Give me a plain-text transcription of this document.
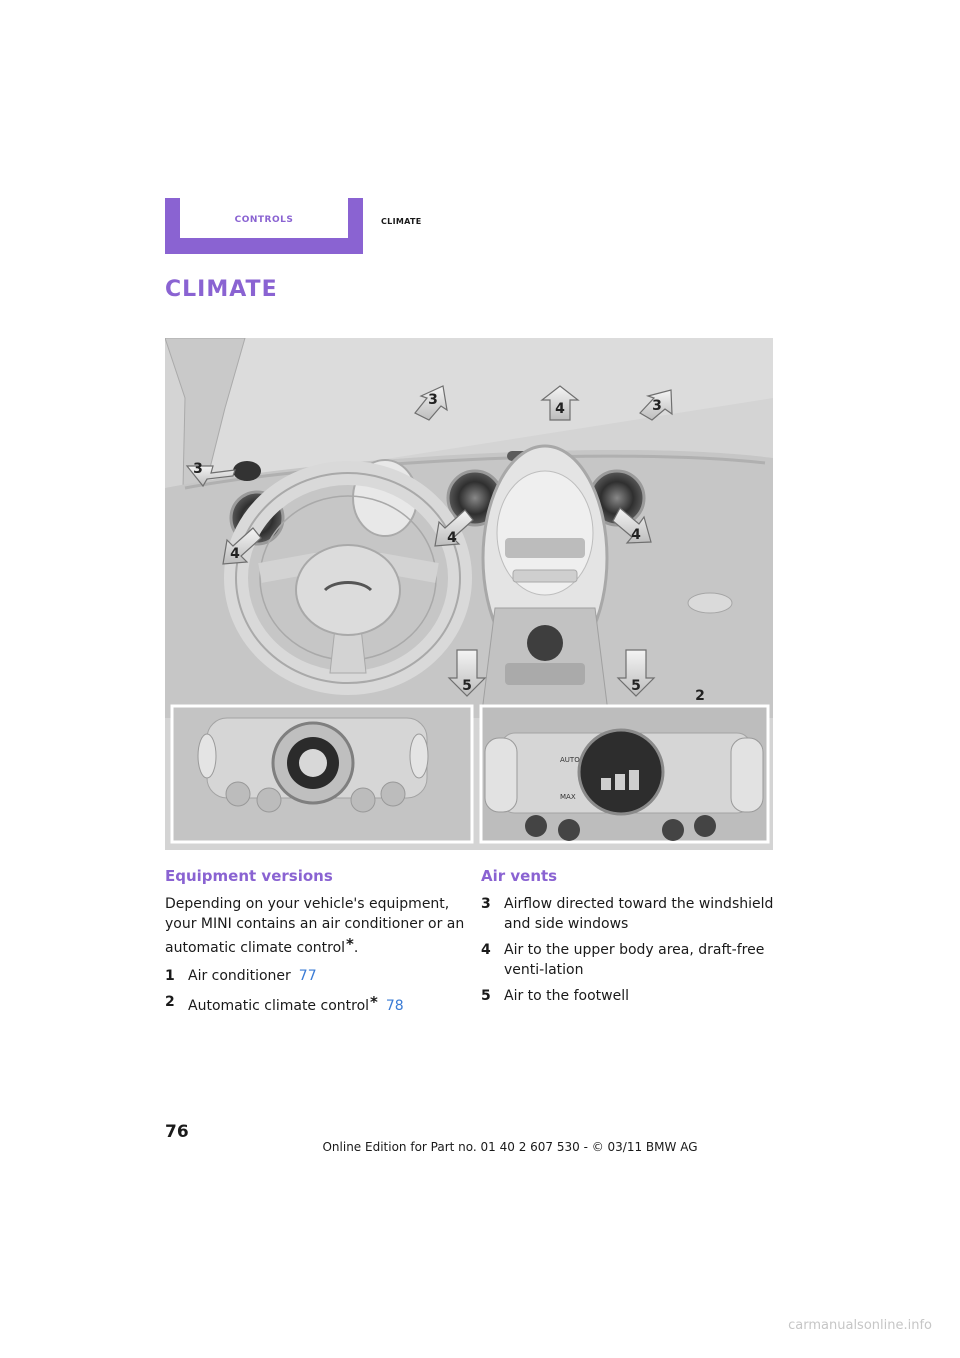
controls	climate
climate
3
3
4	3
4
4	4
5	5
2
AUTO
MAX
Equipment versions

Depending on your vehicle's equipment, your MINI contains an air conditioner or an automatic climate control*.

1 Air conditioner 77
2 Automatic climate control* 78
Air vents
3 Airflow directed toward the windshield and side windows
4 Air to the upper body area, draft-free venti-lation
5 Air to the footwell
76
Online Edition for Part no. 01 40 2 607 530 - © 03/11 BMW AG
carmanualsonline.info
